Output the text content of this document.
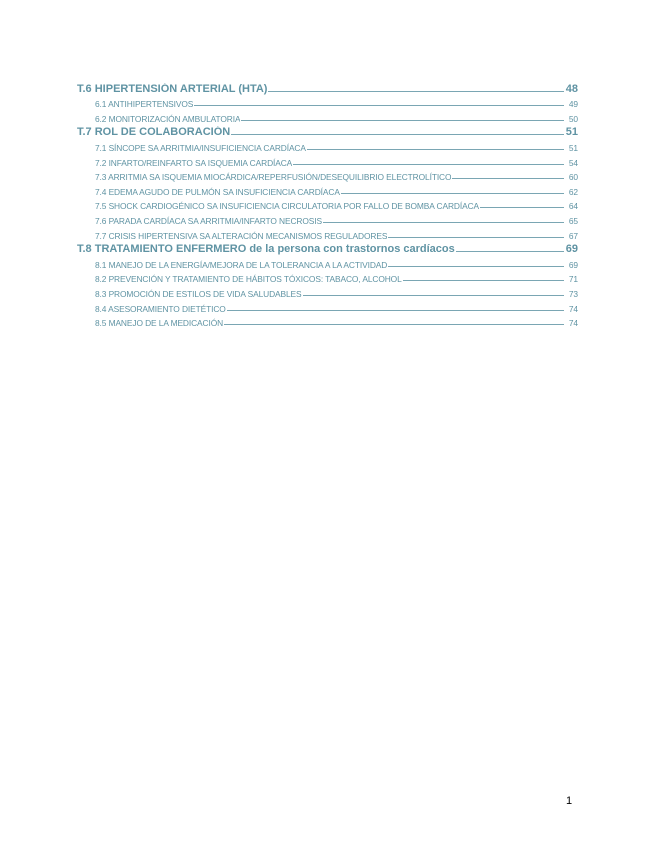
T.6 HIPERTENSIÓN ARTERIAL (HTA)	48
6.1 ANTIHIPERTENSIVOS	49
6.2 MONITORIZACIÓN AMBULATORIA	50
T.7 ROL DE COLABORACIÓN	51
7.1 SÍNCOPE SA ARRITMIA/INSUFICIENCIA CARDÍACA	51
7.2 INFARTO/REINFARTO SA ISQUEMIA CARDÍACA	54
7.3 ARRITMIA SA ISQUEMIA MIOCÁRDICA/REPERFUSIÓN/DESEQUILIBRIO ELECTROLÍTICO	60
7.4 EDEMA AGUDO DE PULMÓN SA INSUFICIENCIA CARDÍACA	62
7.5 SHOCK CARDIOGÉNICO SA INSUFICIENCIA CIRCULATORIA POR FALLO DE BOMBA CARDÍACA	64
7.6 PARADA CARDÍACA SA ARRITMIA/INFARTO NECROSIS	65
7.7 CRISIS HIPERTENSIVA SA ALTERACIÓN MECANISMOS REGULADORES	67
T.8 TRATAMIENTO ENFERMERO de la persona con trastornos cardíacos	69
8.1 MANEJO DE LA ENERGÍA/MEJORA DE LA TOLERANCIA A LA ACTIVIDAD	69
8.2 PREVENCIÓN Y TRATAMIENTO DE HÁBITOS TÓXICOS: TABACO, ALCOHOL	71
8.3 PROMOCIÓN DE ESTILOS DE VIDA SALUDABLES	73
8.4 ASESORAMIENTO DIETÉTICO	74
8.5 MANEJO DE LA MEDICACIÓN	74
1
